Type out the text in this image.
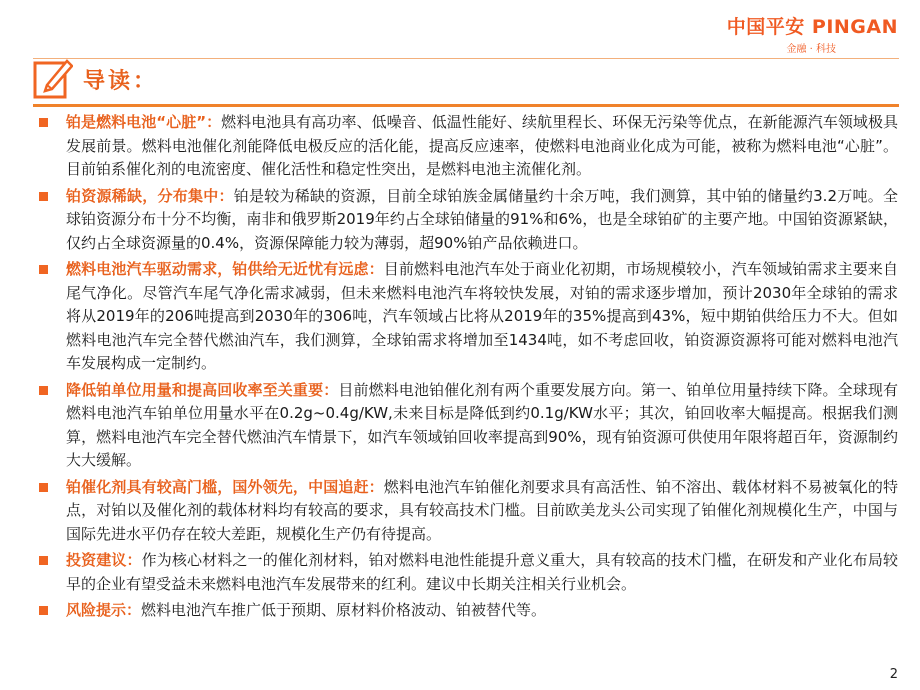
中国平安 PINGAN
金融 · 科技
导读：
铂是燃料电池“心脏”：燃料电池具有高功率、低噪音、低温性能好、续航里程长、环保无污染等优点，在新能源汽车领域极具发展前景。燃料电池催化剂能降低电极反应的活化能，提高反应速率，使燃料电池商业化成为可能，被称为燃料电池“心脏”。目前铂系催化剂的电流密度、催化活性和稳定性突出，是燃料电池主流催化剂。
铂资源稀缺，分布集中：铂是较为稀缺的资源，目前全球铂族金属储量约十余万吨，我们测算，其中铂的储量约3.2万吨。全球铂资源分布十分不均衡，南非和俄罗斯2019年约占全球铂储量的91%和6%，也是全球铂矿的主要产地。中国铂资源紧缺，仅约占全球资源量的0.4%，资源保障能力较为薄弱，超90%铂产品依赖进口。
燃料电池汽车驱动需求，铂供给无近忧有远虑：目前燃料电池汽车处于商业化初期，市场规模较小，汽车领域铂需求主要来自尾气净化。尽管汽车尾气净化需求减弱，但未来燃料电池汽车将较快发展，对铂的需求逐步增加，预计2030年全球铂的需求将从2019年的206吨提高到2030年的306吨，汽车领域占比将从2019年的35%提高到43%，短中期铂供给压力不大。但如燃料电池汽车完全替代燃油汽车，我们测算，全球铂需求将增加至1434吨，如不考虑回收，铂资源资源将可能对燃料电池汽车发展构成一定制约。
降低铂单位用量和提高回收率至关重要：目前燃料电池铂催化剂有两个重要发展方向。第一、铂单位用量持续下降。全球现有燃料电池汽车铂单位用量水平在0.2g~0.4g/KW,未来目标是降低到约0.1g/KW水平；其次，铂回收率大幅提高。根据我们测算，燃料电池汽车完全替代燃油汽车情景下，如汽车领域铂回收率提高到90%，现有铂资源可供使用年限将超百年，资源制约大大缓解。
铂催化剂具有较高门槛，国外领先，中国追赶：燃料电池汽车铂催化剂要求具有高活性、铂不溶出、载体材料不易被氧化的特点，对铂以及催化剂的载体材料均有较高的要求，具有较高技术门槛。目前欧美龙头公司实现了铂催化剂规模化生产，中国与国际先进水平仍存在较大差距，规模化生产仍有待提高。
投资建议：作为核心材料之一的催化剂材料，铂对燃料电池性能提升意义重大，具有较高的技术门槛，在研发和产业化布局较早的企业有望受益未来燃料电池汽车发展带来的红利。建议中长期关注相关行业机会。
风险提示：燃料电池汽车推广低于预期、原材料价格波动、铂被替代等。
2
